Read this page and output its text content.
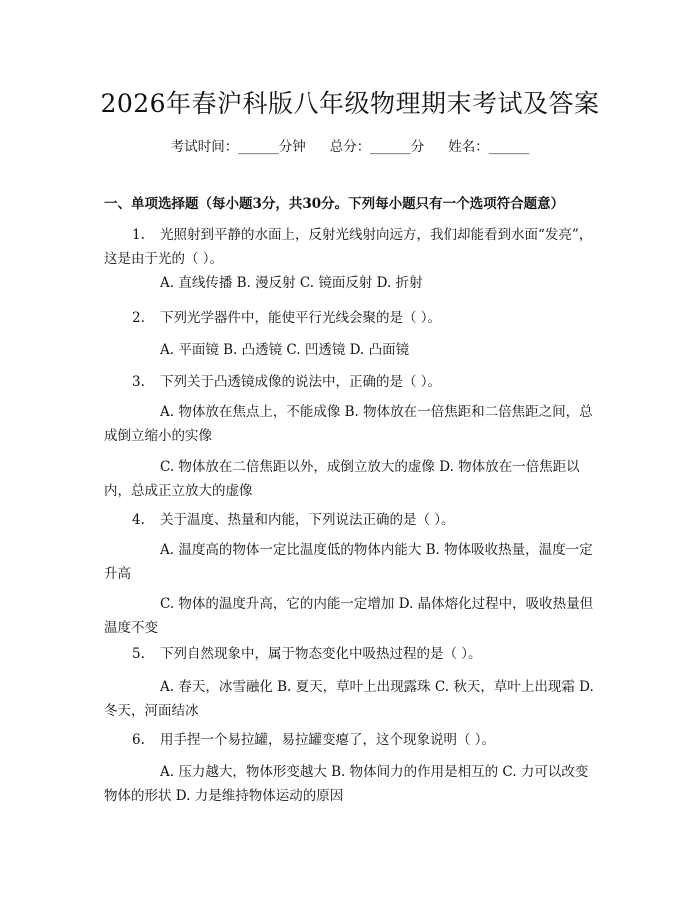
2026年春沪科版八年级物理期末考试及答案
考试时间：______分钟 总分：______分 姓名：______
一、单项选择题（每小题3分，共30分。下列每小题只有一个选项符合题意）
1. 光照射到平静的水面上，反射光线射向远方，我们却能看到水面“发亮”，这是由于光的（ ）。
A. 直线传播 B. 漫反射 C. 镜面反射 D. 折射
2. 下列光学器件中，能使平行光线会聚的是（ ）。
A. 平面镜 B. 凸透镜 C. 凹透镜 D. 凸面镜
3. 下列关于凸透镜成像的说法中，正确的是（ ）。
A. 物体放在焦点上，不能成像 B. 物体放在一倍焦距和二倍焦距之间，总成倒立缩小的实像
C. 物体放在二倍焦距以外，成倒立放大的虚像 D. 物体放在一倍焦距以内，总成正立放大的虚像
4. 关于温度、热量和内能，下列说法正确的是（ ）。
A. 温度高的物体一定比温度低的物体内能大 B. 物体吸收热量，温度一定升高
C. 物体的温度升高，它的内能一定增加 D. 晶体熔化过程中，吸收热量但温度不变
5. 下列自然现象中，属于物态变化中吸热过程的是（ ）。
A. 春天，冰雪融化 B. 夏天，草叶上出现露珠 C. 秋天，草叶上出现霜 D. 冬天，河面结冰
6. 用手捏一个易拉罐，易拉罐变瘪了，这个现象说明（ ）。
A. 压力越大，物体形变越大 B. 物体间力的作用是相互的 C. 力可以改变物体的形状 D. 力是维持物体运动的原因
